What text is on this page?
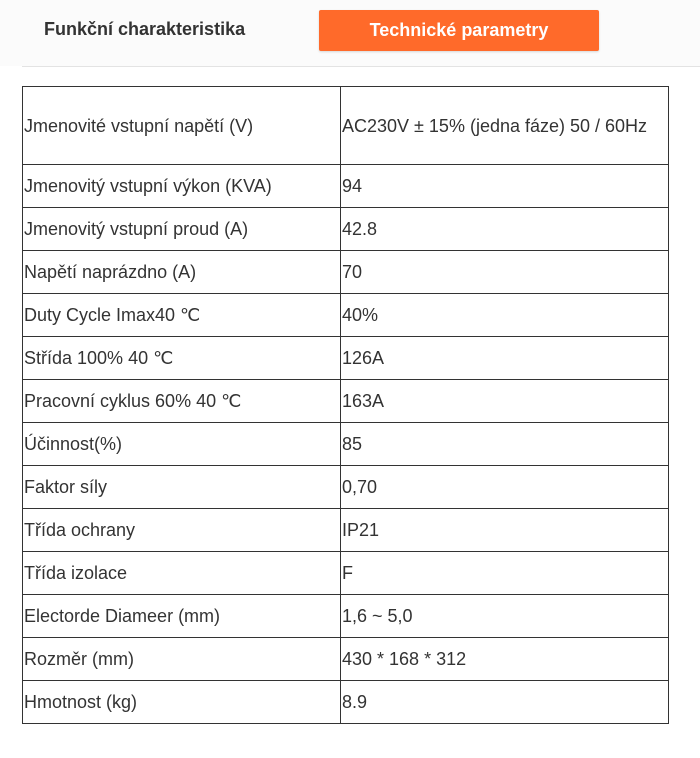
Funkční charakteristika	Technické parametry
Jmenovité vstupní napětí (V)	AC230V ± 15% (jedna fáze) 50 / 60Hz
Jmenovitý vstupní výkon (KVA)	94
Jmenovitý vstupní proud (A)	42.8
Napětí naprázdno (A)	70
Duty Cycle Imax40 ℃	40%
Střída 100% 40 ℃	126A
Pracovní cyklus 60% 40 ℃	163A
Účinnost(%)	85
Faktor síly	0,70
Třída ochrany	IP21
Třída izolace	F
Electorde Diameer (mm)	1,6 ~ 5,0
Rozměr (mm)	430 * 168 * 312
Hmotnost (kg)	8.9
